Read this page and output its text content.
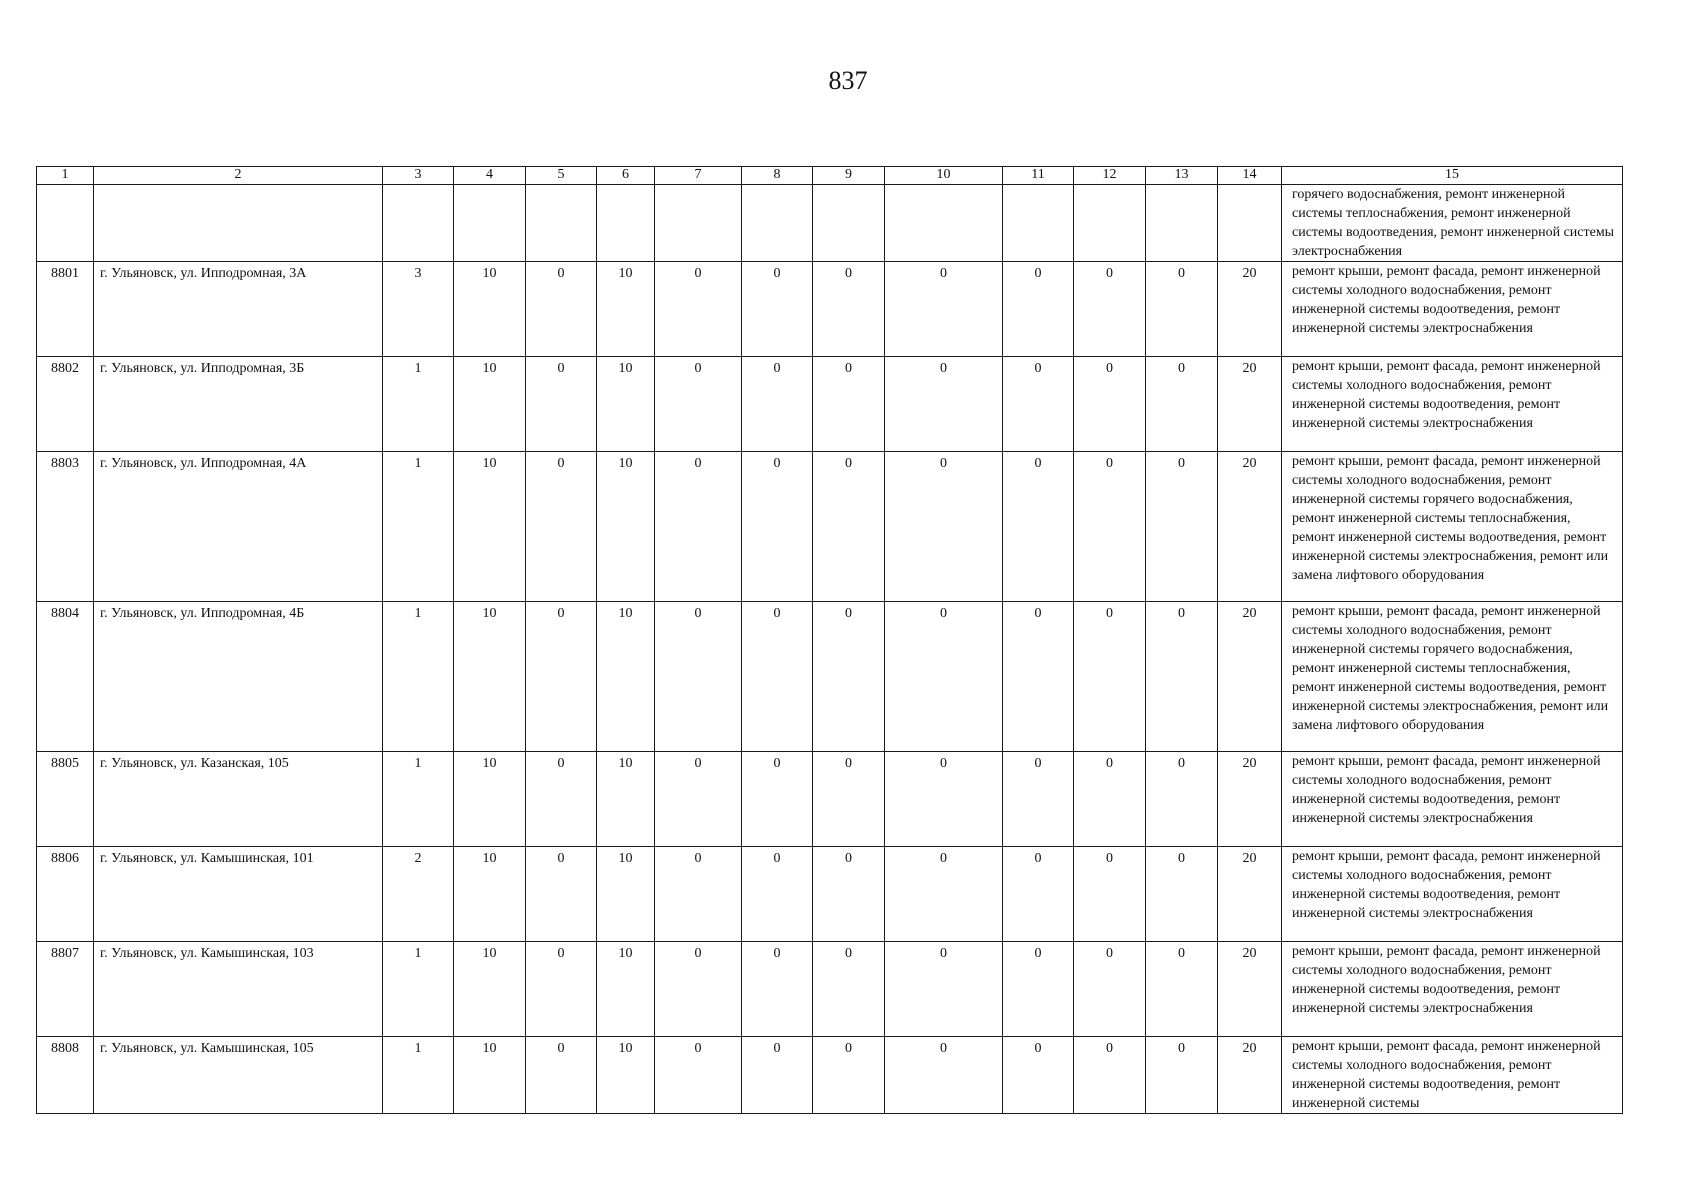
837
1	2	3	4	5	6	7	8	9	10	11	12	13	14	15
														горячего водоснабжения, ремонт инженерной системы теплоснабжения, ремонт инженерной системы водоотведения, ремонт инженерной системы электроснабжения
8801	г. Ульяновск, ул. Ипподромная, 3А	3	10	0	10	0	0	0	0	0	0	0	20	ремонт крыши, ремонт фасада, ремонт инженерной системы холодного водоснабжения, ремонт инженерной системы водоотведения, ремонт инженерной системы электроснабжения
8802	г. Ульяновск, ул. Ипподромная, 3Б	1	10	0	10	0	0	0	0	0	0	0	20	ремонт крыши, ремонт фасада, ремонт инженерной системы холодного водоснабжения, ремонт инженерной системы водоотведения, ремонт инженерной системы электроснабжения
8803	г. Ульяновск, ул. Ипподромная, 4А	1	10	0	10	0	0	0	0	0	0	0	20	ремонт крыши, ремонт фасада, ремонт инженерной системы холодного водоснабжения, ремонт инженерной системы горячего водоснабжения, ремонт инженерной системы теплоснабжения, ремонт инженерной системы водоотведения, ремонт инженерной системы электроснабжения, ремонт или замена лифтового оборудования
8804	г. Ульяновск, ул. Ипподромная, 4Б	1	10	0	10	0	0	0	0	0	0	0	20	ремонт крыши, ремонт фасада, ремонт инженерной системы холодного водоснабжения, ремонт инженерной системы горячего водоснабжения, ремонт инженерной системы теплоснабжения, ремонт инженерной системы водоотведения, ремонт инженерной системы электроснабжения, ремонт или замена лифтового оборудования
8805	г. Ульяновск, ул. Казанская, 105	1	10	0	10	0	0	0	0	0	0	0	20	ремонт крыши, ремонт фасада, ремонт инженерной системы холодного водоснабжения, ремонт инженерной системы водоотведения, ремонт инженерной системы электроснабжения
8806	г. Ульяновск, ул. Камышинская, 101	2	10	0	10	0	0	0	0	0	0	0	20	ремонт крыши, ремонт фасада, ремонт инженерной системы холодного водоснабжения, ремонт инженерной системы водоотведения, ремонт инженерной системы электроснабжения
8807	г. Ульяновск, ул. Камышинская, 103	1	10	0	10	0	0	0	0	0	0	0	20	ремонт крыши, ремонт фасада, ремонт инженерной системы холодного водоснабжения, ремонт инженерной системы водоотведения, ремонт инженерной системы электроснабжения
8808	г. Ульяновск, ул. Камышинская, 105	1	10	0	10	0	0	0	0	0	0	0	20	ремонт крыши, ремонт фасада, ремонт инженерной системы холодного водоснабжения, ремонт инженерной системы водоотведения, ремонт инженерной системы
